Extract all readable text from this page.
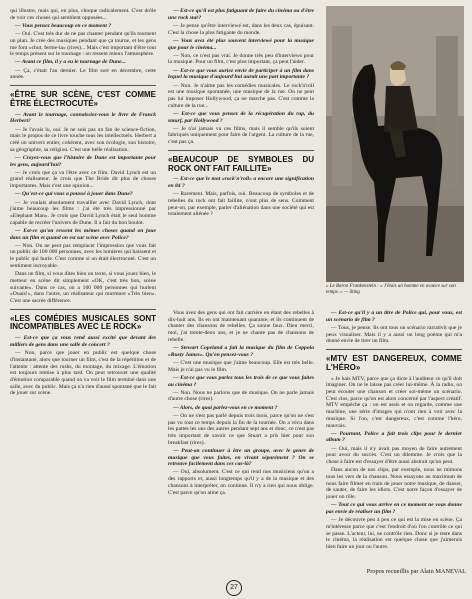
qui illustre, mais qui, en plus, choque radicalement. C'est drôle de voir ces choses qui semblent opposées...

— Vous pensez beaucoup en ce moment ?

— Oui. C'est très dur de ne pas chanter pendant qu'ils tournent un plan. Je crée des musiques pendant que ça tourne, et les gens me font «chut, ferme-la» (rires)... Mais c'est important d'être tout le temps présent sur le tournage : on ressent mieux l'atmosphère.

— Avant ce film, il y a eu le tournage de Dune...

— Ça, c'était l'an dernier. Le film sort en décembre, cette année.

« ÊTRE SUR SCÈNE, C'EST COMME ÊTRE ÉLECTROCUTÉ»

— Avant le tournage, connaissiez-vous le livre de Franck Herbert?

— Je l'avais lu, oui. Je ne suis pas un fan de science-fiction, mais le propos de ce livre touche tous les intellectuels. Herbert a créé un univers entier, cohérent, avec son écologie, son histoire, sa géographie, sa religion. C'est une belle réalisation.

— Croyez-vous que l'histoire de Dune est importante pour les gens, aujourd'hui?

— Je crois que ça va l'être avec ce film. David Lynch est un grand réalisateur. Je crois que The Bride dit plus de choses importantes. Mais c'est une opinion...

— Qu'est-ce qui vous a poussé à jouer dans Dune?

— Je voulais absolument travailler avec David Lynch, dont j'aime beaucoup les films : j'ai été très impressionné par «Elephant Man». Je crois que David Lynch était le seul homme capable de recréer l'univers de Dune. Il a fait du bon boulot.

— Est-ce qu'on ressent les mêmes choses quand on joue dans un film et quand on est sur scène avec Police?

— Non. On ne peut pas remplacer l'impression que vous fait un public de 100 000 personnes, avec les lumières qui baissent et le public qui hurle. C'est comme si on était électrocuté. C'est un sentiment incroyable.

Dans un film, si vous dites bien un texte, si vous jouez bien, le metteur en scène dit simplement «OK, c'est très bon, scène suivante». Dans ce cas, on a 100 000 personnes qui hurlent «Ouais!», dans l'autre, un réalisateur qui murmure «Très bien». C'est une sacrée différence.

« LES COMÉDIES MUSICALES SONT INCOMPATIBLES AVEC LE ROCK»

— Est-ce que ça vous rend aussi excité que devant des milliers de gens dans une salle de concert ?

— Non, parce que jouer en public est quelque chose d'instantané, alors que tourner un film, c'est de la répétition et de l'attente : attente des rushs, du montage, du mixage. L'émotion est toujours remise à plus tard. On peut retrouver une qualité d'émotion comparable quand on va voir le film terminé dans une salle, avec du public. Mais ça n'a rien d'aussi spontané que le fait de jouer sur scène.

— Est-ce qu'il est plus fatiguant de faire du cinéma ou d'être une rock star?

— Je pense qu'être interviewé est, dans les deux cas, épuisant. C'est la chose la plus fatigante du monde.

— Vous avez été plus souvent interviewé pour la musique que pour le cinéma...

— Non, ce n'est pas vrai. Je donne très peu d'interviews pour la musique. Pour un film, c'est plus important, ça peut l'aider.

— Est-ce que vous auriez envie de participer à un film dans lequel la musique d'aujourd'hui aurait une part importante ?

— Non. Je n'aime pas les comédies musicales. Le rock'n'roll est une musique spontanée, une musique de la rue. On ne peut pas lui imposer Hollywood, ça ne marche pas. C'est comme la culture de la rue...

— Est-ce que vous pensez de la récupération du rap, du smurf, par Hollywood ?

— Je n'ai jamais vu ces films, mais il semble qu'ils soient fabriqués uniquement pour faire de l'argent. La culture de la rue, c'est pas ça.

« BEAUCOUP DE SYMBOLES DU ROCK ONT FAIT FAILLITE»

— Est-ce que le mot «rock'n'roll» a encore une signification en 84 ?

— Rarement. Mais, parfois, oui. Beaucoup de symboles et de rebelles du rock ont fait faillite, n'ont plus de sens. Comment peut-on, par exemple, parler d'aliénation dans une société qui est totalement aliénée ?

Vous avez des gens qui ont fait carrière en étant des rebelles à dix-huit ans. Ils en ont maintenant quarante, et ils continuent de chanter des chansons de rebelles. Ça sonne faux. Dieu merci, moi, j'ai trente-deux ans, et je ne chante pas de chansons de rebelle.

— Stewart Copeland a fait la musique du film de Coppola «Rusty James». Qu'en pensez-vous ?

— C'est une musique que j'aime beaucoup. Elle est très belle. Mais je n'ai pas vu le film.

— Est-ce que vous parlez tous les trois de ce que vous faites au cinéma ?

— Non. Nous ne parlons que de musique. On ne parle jamais d'autre chose (rires).

— Alors, de quoi parlez-vous en ce moment ?

— On ne s'est pas parlé depuis trois mois, parce qu'on ne s'est pas vu tout ce temps depuis la fin de la tournée. On a vécu dans les pattes les uns des autres pendant sept ans et donc, ce n'est pas très important de savoir ce que Stuart a pris hier pour son breakfast (rires).

— Peut-on continuer à être un groupe, avec le genre de musique que vous faites, en vivant séparément ? On se retrouve facilement dans ces cas-là?

— Oui, absolument. C'est ce qui rend nos musiciens qu'on a des rapports et, aussi longtemps qu'il y a de la musique et des chansons à interpréter, on continue. Il n'y a rien qui nous oblige. C'est parce qu'on aime ça.

« Le Baron Frankenstein : « J'étais un homme en avance sur son temps. » — Sting

— Est-ce qu'il y a un titre de Police qui, pour vous, est un scénario de film ?

— Tous, je pense. Ils ont tous un scénario rarrativit que je peux visualiser. Mais il y a aussi un long poème qui m'a donné envie de tirer un film.

« MTV EST DANGEREUX, COMME L'HÉRO»

« Je hais MTV, parce que ça dicte à l'auditeur ce qu'il doit imaginer. On ne le laisse pas créer lui-même. À la radio, on peut écouter une chanson et créer soi-même un scénario. C'est clos, parce qu'on est alors concerné par l'aspect créatif. MTV empêche ça : on est assis et on regarde, comme une machine, une série d'images qui n'ont rien à voir avec la musique. Si l'on, c'est dangereux, c'est comme l'héro, mauvais.

— Pourtant, Police a fait trois clips pour le dernier album ?

— Oui, mais il n'y avait pas moyen de faire autrement pour avoir du succès. C'est un dilemme. Je crois que la chose à faire est d'essayer d'être aussi abstrait qu'on peut.

Dans aucun de nos clips, par exemple, nous ne mimons tous les vers de la chanson. Nous essayons au maximum de nous faire filmer en train de jouer notre musique, de danser, de sauter, de faire les idiots. C'est notre façon d'essayer de jouer un rôle.

— Tout ce qui vous arrive en ce moment ne vous donne pas envie de réaliser un film ?

— Je découvre peu à peu ce qui est la mise en scène. Ça m'intéresse parce que c'est l'endroit d'où l'on contrôle ce qui se passe. L'acteur, lui, ne contrôle rien. Donc si je reste dans le cinéma, la réalisation est quelque chose que j'aimerais bien faire un jour ou l'autre.

Propos recueillis par Alain MANEVAL
27
